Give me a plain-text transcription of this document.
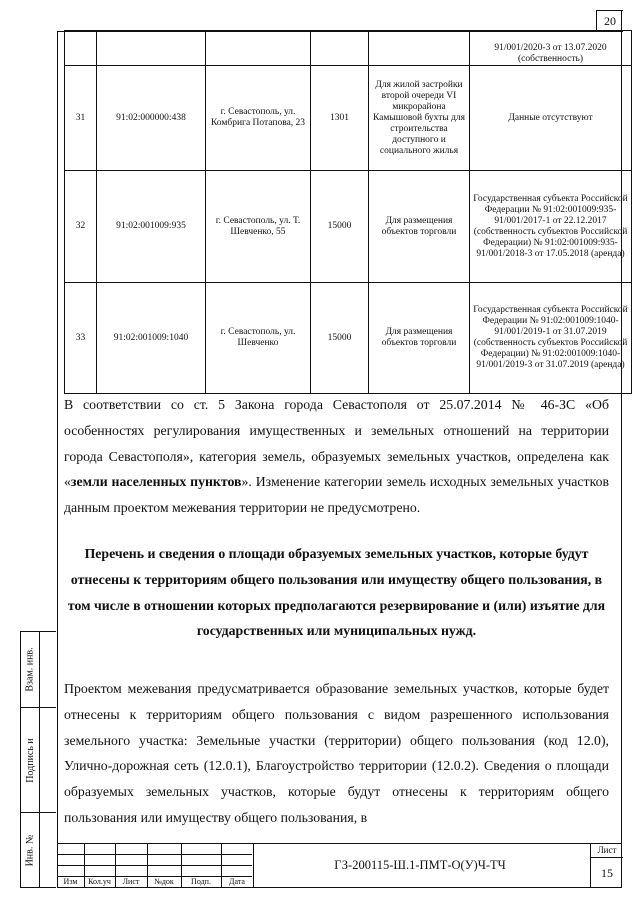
20
					91/001/2020-3 от 13.07.2020 (собственность)
31	91:02:000000:438	г. Севастополь, ул. Комбрига Потапова, 23	1301	Для жилой застройки второй очереди VI микрорайона Камышовой бухты для строительства доступного и социального жилья	Данные отсутствуют
32	91:02:001009:935	г. Севастополь, ул. Т. Шевченко, 55	15000	Для размещения объектов торговли	Государственная субъекта Российской Федерации № 91:02:001009:935-91/001/2017-1 от 22.12.2017 (собственность субъектов Российской Федерации) № 91:02:001009:935-91/001/2018-3 от 17.05.2018 (аренда)
33	91:02:001009:1040	г. Севастополь, ул. Шевченко	15000	Для размещения объектов торговли	Государственная субъекта Российской Федерации № 91:02:001009:1040-91/001/2019-1 от 31.07.2019 (собственность субъектов Российской Федерации) № 91:02:001009:1040-91/001/2019-3 от 31.07.2019 (аренда)

В соответствии со ст. 5 Закона города Севастополя от 25.07.2014 № 46-ЗС «Об особенностях регулирования имущественных и земельных отношений на территории города Севастополя», категория земель, образуемых земельных участков, определена как «земли населенных пунктов». Изменение категории земель исходных земельных участков данным проектом межевания территории не предусмотрено.

Перечень и сведения о площади образуемых земельных участков, которые будут отнесены к территориям общего пользования или имуществу общего пользования, в том числе в отношении которых предполагаются резервирование и (или) изъятие для государственных или муниципальных нужд.

Проектом межевания предусматривается образование земельных участков, которые будет отнесены к территориям общего пользования с видом разрешенного использования земельного участка: Земельные участки (территории) общего пользования (код 12.0), Улично-дорожная сеть (12.0.1), Благоустройство территории (12.0.2). Сведения о площади образуемых земельных участков, которые будут отнесены к территориям общего пользования или имуществу общего пользования, в

Взам. инв.
Подпись и
Инв. №
Изм	Кол.уч	Лист	№док	Подп.	Дата
ГЗ-200115-Ш.1-ПМТ-О(У)Ч-ТЧ
Лист
15
